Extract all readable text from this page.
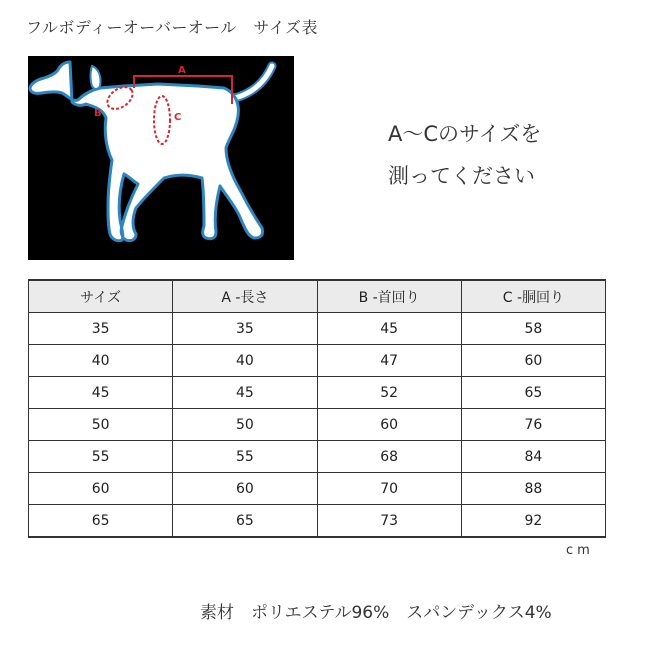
フルボディーオーバーオール　サイズ表
A
B	C
A～Cのサイズを
測ってください
サイズ	A -長さ	B -首回り	C -胴回り
35	35	45	58
40	40	47	60
45	45	52	65
50	50	60	76
55	55	68	84
60	60	70	88
65	65	73	92
cm
素材　ポリエステル96%　スパンデックス4%
